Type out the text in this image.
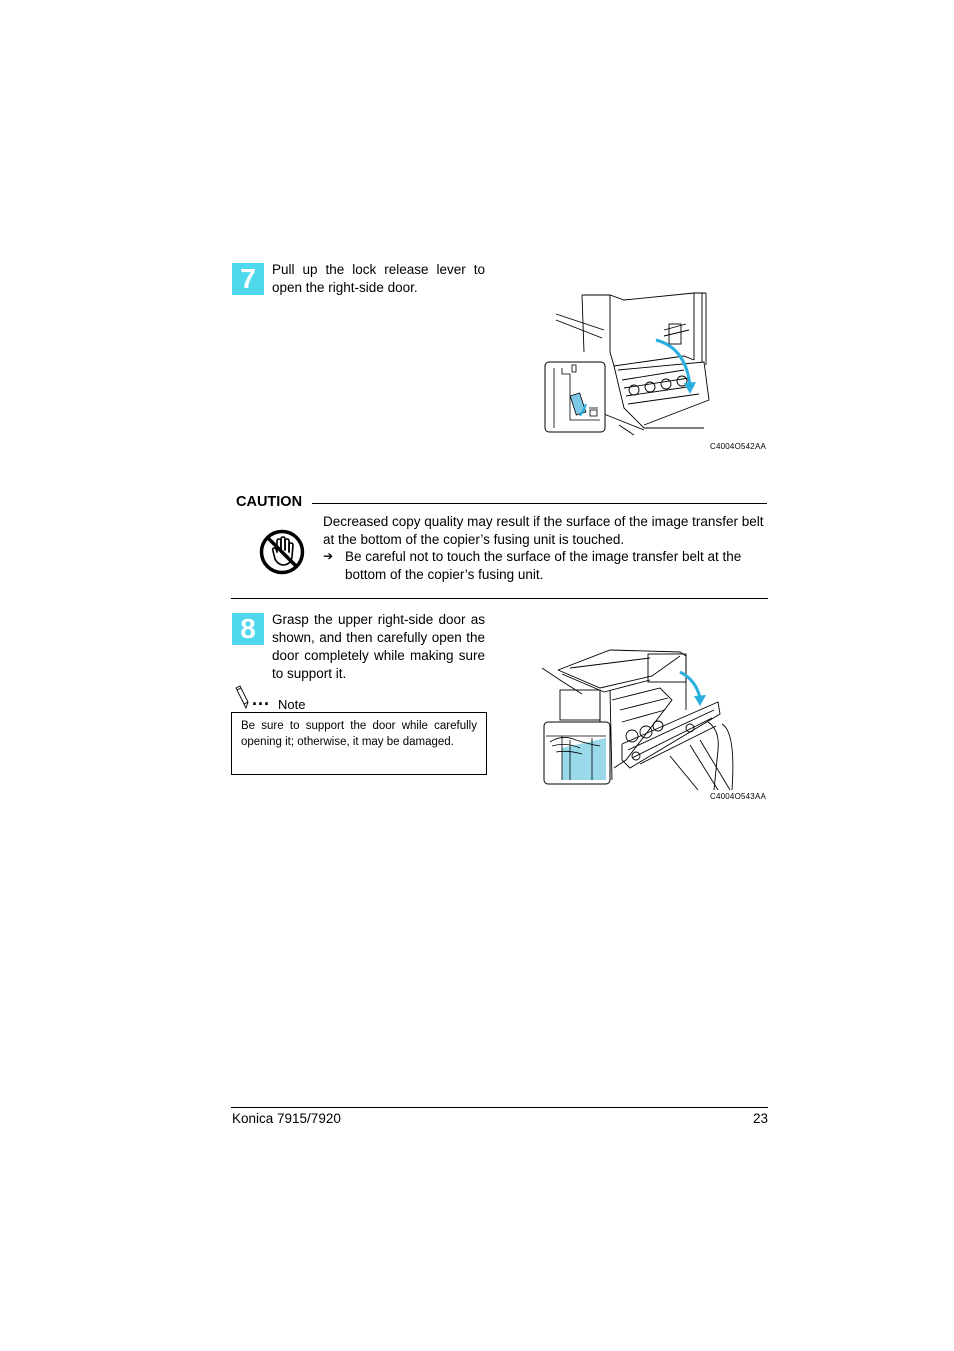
7	Pull up the lock release lever to open the right-side door.
C4004O542AA
CAUTION
Decreased copy quality may result if the surface of the image transfer belt at the bottom of the copier’s fusing unit is touched.
➔ Be careful not to touch the surface of the image transfer belt at the bottom of the copier’s fusing unit.
8	Grasp the upper right-side door as shown, and then carefully open the door completely while making sure to support it.
... Note
Be sure to support the door while carefully opening it; otherwise, it may be damaged.
C4004O543AA
Konica 7915/7920	23
